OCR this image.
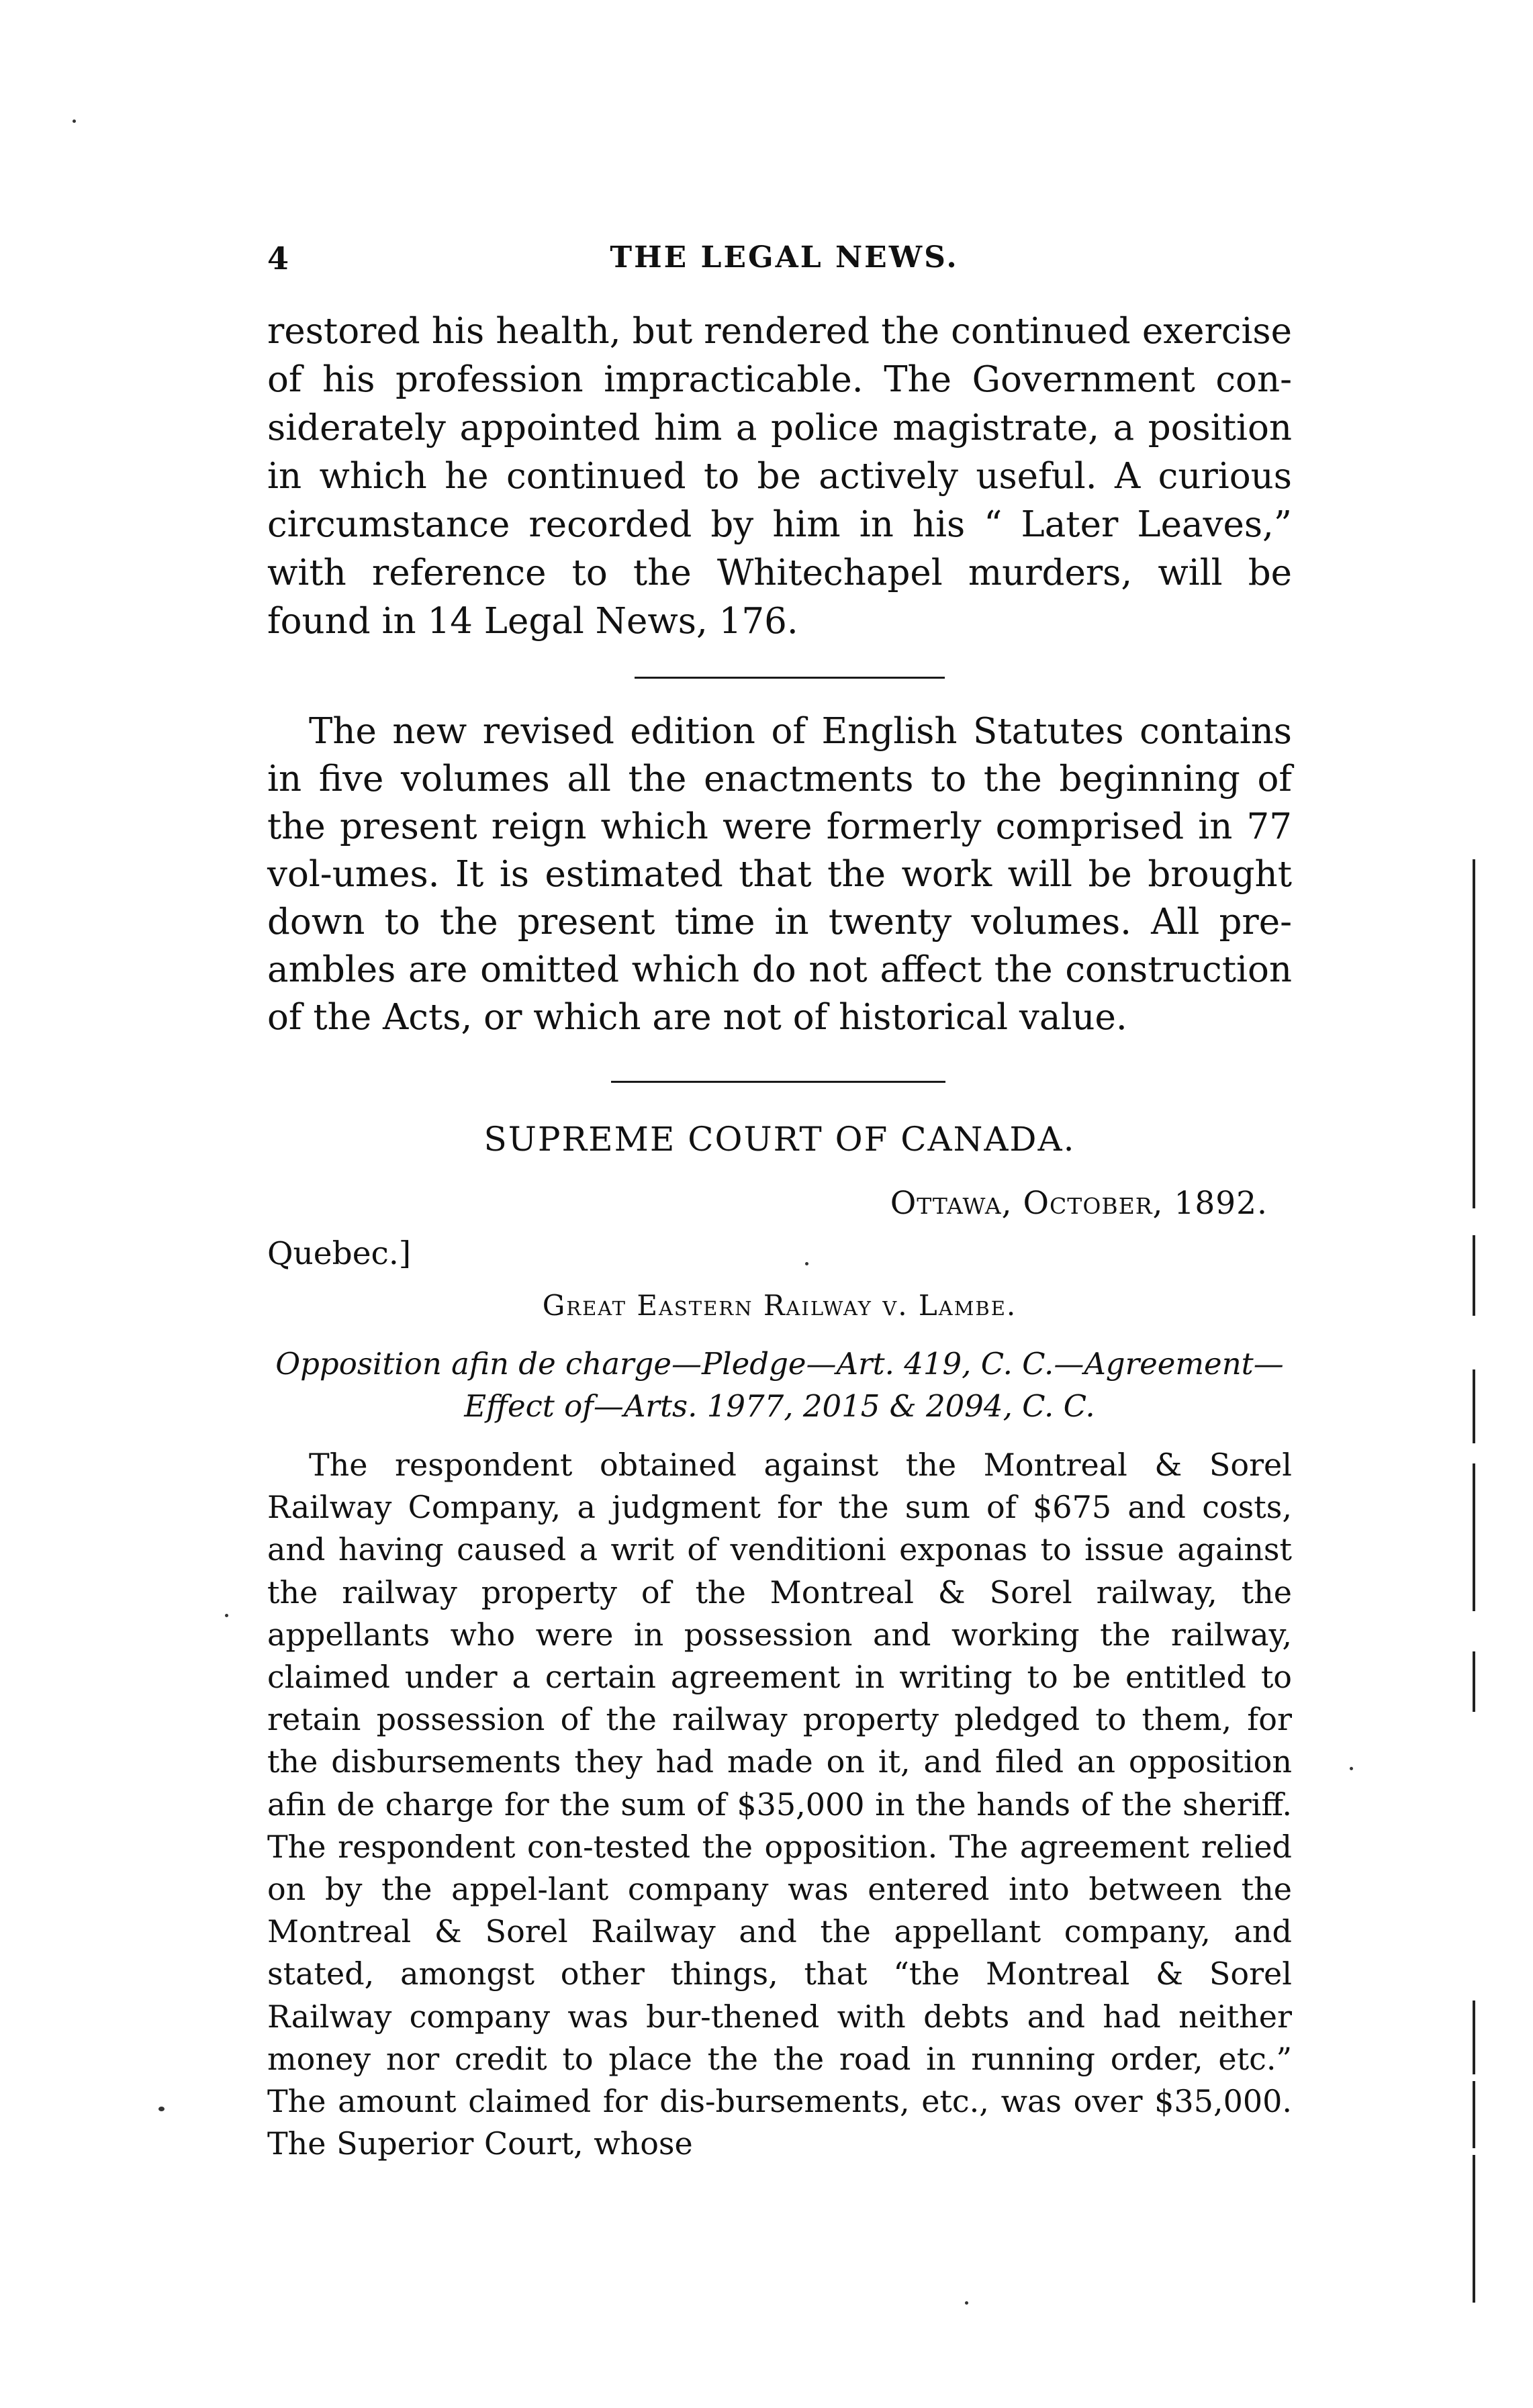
4	THE LEGAL NEWS.

restored his health, but rendered the continued exercise of his profession impracticable. The Government con-siderately appointed him a police magistrate, a position in which he continued to be actively useful. A curious circumstance recorded by him in his “ Later Leaves,” with reference to the Whitechapel murders, will be found in 14 Legal News, 176.

The new revised edition of English Statutes contains in five volumes all the enactments to the beginning of the present reign which were formerly comprised in 77 vol-umes. It is estimated that the work will be brought down to the present time in twenty volumes. All pre-ambles are omitted which do not affect the construction of the Acts, or which are not of historical value.

SUPREME COURT OF CANADA.
Ottawa, October, 1892.
Quebec.]
Great Eastern Railway v. Lambe.
Opposition afin de charge—Pledge—Art. 419, C. C.—Agreement—
Effect of—Arts. 1977, 2015 & 2094, C. C.

The respondent obtained against the Montreal & Sorel Railway Company, a judgment for the sum of $675 and costs, and having caused a writ of venditioni exponas to issue against the railway property of the Montreal & Sorel railway, the appellants who were in possession and working the railway, claimed under a certain agreement in writing to be entitled to retain possession of the railway property pledged to them, for the disbursements they had made on it, and filed an opposition afin de charge for the sum of $35,000 in the hands of the sheriff. The respondent con-tested the opposition. The agreement relied on by the appel-lant company was entered into between the Montreal & Sorel Railway and the appellant company, and stated, amongst other things, that “the Montreal & Sorel Railway company was bur-thened with debts and had neither money nor credit to place the the road in running order, etc.” The amount claimed for dis-bursements, etc., was over $35,000. The Superior Court, whose
